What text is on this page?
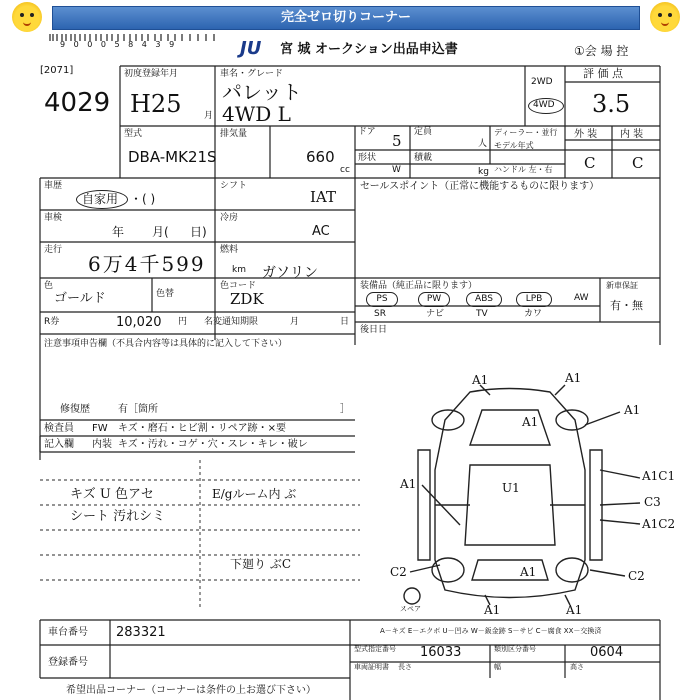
完全ゼロ切りコーナー
9 0 0 0 5 8 4 3 9	JU 宮 城 オークション出品申込書	①会 場 控
[2071]
4029
初度登録年月
H25	月
車名・グレード
パレット
4WD L
2WD
4WD
評 価 点
3.5
外 装 内 装
C C
型式
DBA-MK21S
排気量
660
cc
ドア 5 定員
人
ディーラー・並行
モデル年式
ハンドル 左・右
形状
W
積載
kg
車歴
自家用 ・( )
シフト
IAT
車検
年 月( 日)
冷房
AC
走行
6万4千599	km
燃料
ガソリン
色
ゴールド	色替
色コード
ZDK
セールスポイント（正常に機能するものに限ります）
装備品（純正品に限ります）
PS	PW	ABS	LPB	AW
SR	ナビ	TV	カワ
新車保証
有・無
R券	10,020 円 名変通知期限	月	日
後日日
注意事項申告欄（不具合内容等は具体的に記入して下さい）
修復歴	有［箇所	］
検査員 FW キズ・磨石・ヒビ割・リペア跡・×要
記入欄 内装 キズ・汚れ・コゲ・穴・スレ・キレ・破レ
キズ U 色アセ
シート 汚れシミ
E/gルーム内 ぶ
下廻り ぶC
A1	A1
A1
A1
A1C1
C3
A1C2
A1	U1
C2	A1	C2
A1	A1
スペア
A－キズ E－エクボ U－凹み W－鈑金跡 S－サビ C－腐食 XX－交換済
車台番号 283321
登録番号
型式指定番号 16033	類別区分番号	0604
車両証明書 長さ	幅	高さ
希望出品コーナー（コーナーは条件の上お選び下さい）
